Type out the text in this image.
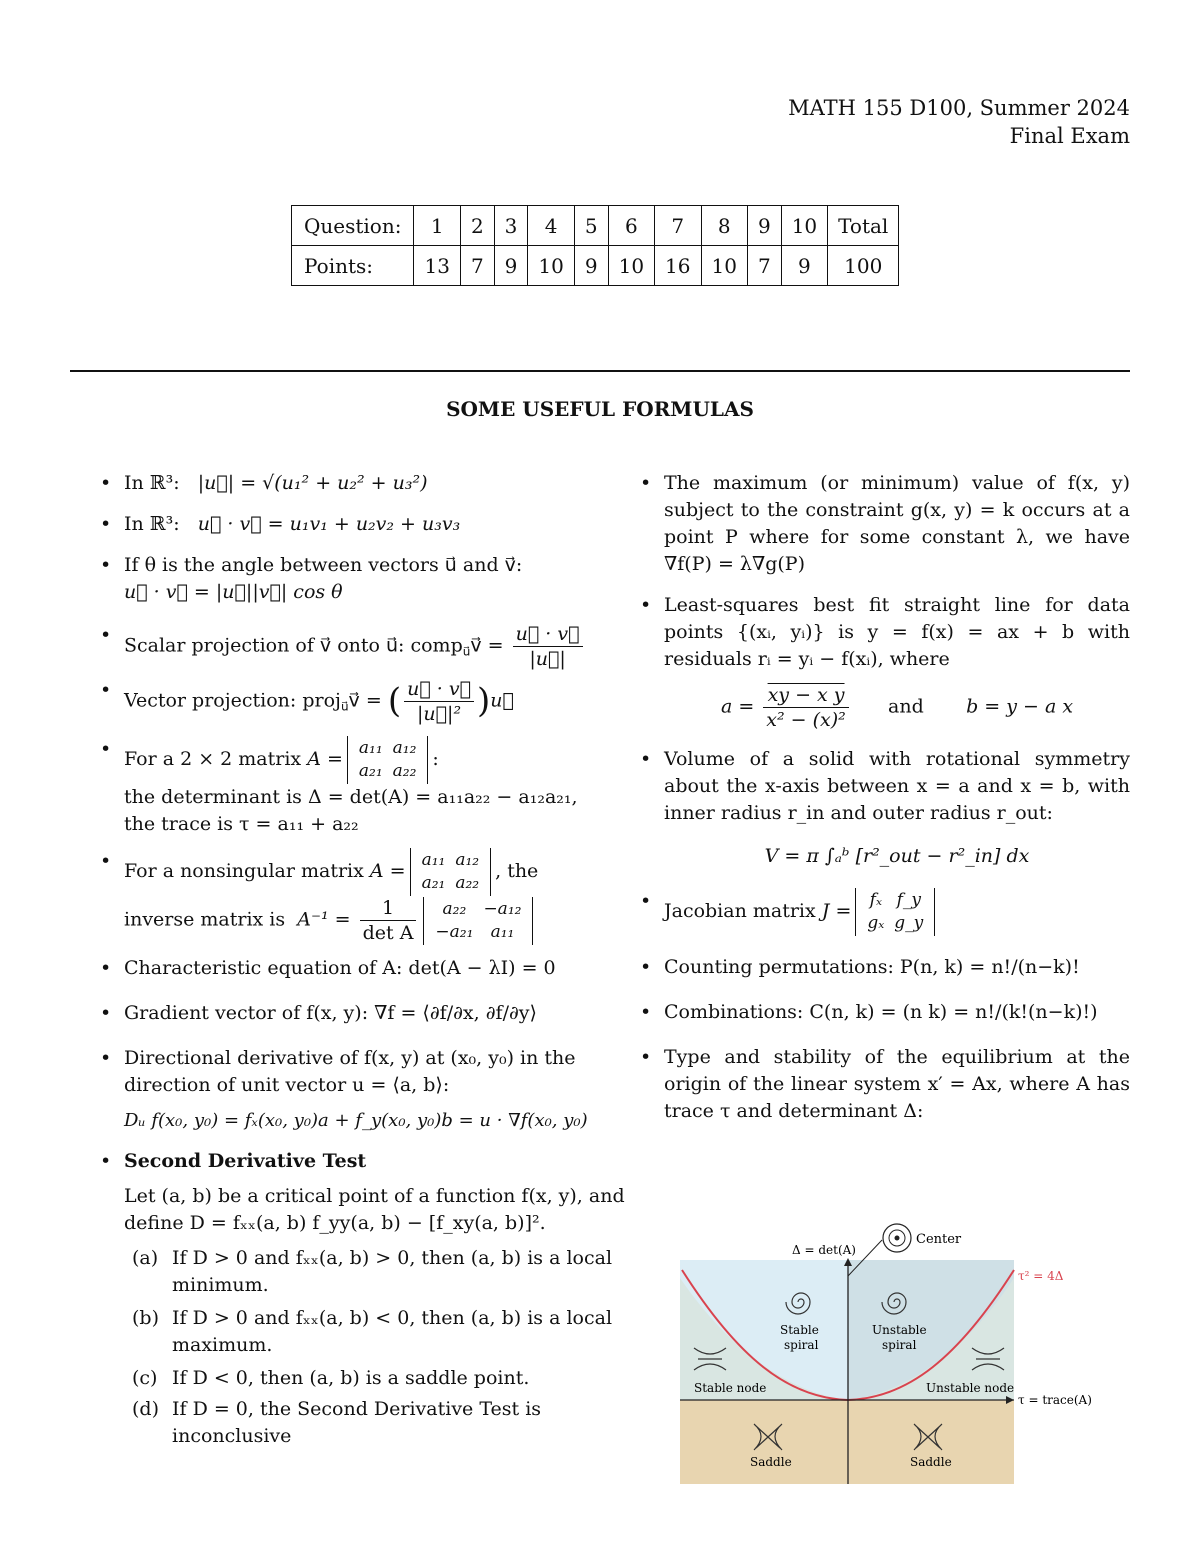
MATH 155 D100, Summer 2024
Final Exam
Question:	1	2	3	4	5	6	7	8	9	10	Total
Points:	13	7	9	10	9	10	16	10	7	9	100
SOME USEFUL FORMULAS
• In ℝ³: |u⃗| = √(u₁² + u₂² + u₃²)
• In ℝ³: u⃗ · v⃗ = u₁v₁ + u₂v₂ + u₃v₃
• If θ is the angle between vectors u⃗ and v⃗:
u⃗ · v⃗ = |u⃗||v⃗| cos θ
• Scalar projection of v⃗ onto u⃗: comp$_{u⃗}$v⃗ = $\frac{u⃗ \cdot v⃗}{|u⃗|}$
• Vector projection: proj$_{u⃗}$v⃗ = ( $\frac{u⃗ \cdot v⃗}{\text{|u⃗|²}}$ )u⃗
• For a 2 × 2 matrix A = a₁₁	a₁₂
a₂₁	a₂₂
:
the determinant is Δ = det(A) = a₁₁a₂₂ − a₁₂a₂₁,
the trace is τ = a₁₁ + a₂₂
• For a nonsingular matrix A = a₁₁	a₁₂
a₂₁	a₂₂
, the
inverse matrix is $A^{-1} = \frac{1}{\text{det A}} a_{22}$	−a₁₂
−a₂₁	a₁₁
• Characteristic equation of A: det(A − λI) = 0
• Gradient vector of f(x, y): ∇f = ⟨∂f/∂x, ∂f/∂y⟩
• Directional derivative of f(x, y) at (x₀, y₀) in the direction of unit vector u = ⟨a, b⟩:
Dᵤ f(x₀, y₀) = fₓ(x₀, y₀)a + f_y(x₀, y₀)b = u · ∇f(x₀, y₀)
• Second Derivative Test
Let (a, b) be a critical point of a function f(x, y), and define D = fₓₓ(a, b) f_yy(a, b) − [f_xy(a, b)]².
(a) If D > 0 and fₓₓ(a, b) > 0, then (a, b) is a local minimum.
(b) If D > 0 and fₓₓ(a, b) < 0, then (a, b) is a local maximum.
(c) If D < 0, then (a, b) is a saddle point.
(d) If D = 0, the Second Derivative Test is inconclusive
• The maximum (or minimum) value of f(x, y) subject to the constraint g(x, y) = k occurs at a point P where for some constant λ, we have ∇f(P) = λ∇g(P)
• Least-squares best fit straight line for data points {(xᵢ, yᵢ)} is y = f(x) = ax + b with residuals rᵢ = yᵢ − f(xᵢ), where
$a = \frac{\text{xy − x y}}{\text{x² − (x)²}}$ and b = y − a x
• Volume of a solid with rotational symmetry about the x-axis between x = a and x = b, with inner radius r_in and outer radius r_out:
V = π ∫ₐᵇ [r²_out − r²_in] dx
• Jacobian matrix J = fₓ	f_y
gₓ	g_y
• Counting permutations: P(n, k) = n!/(n−k)!
• Combinations: C(n, k) = (n k) = n!/(k!(n−k)!)
• Type and stability of the equilibrium at the origin of the linear system x′ = Ax, where A has trace τ and determinant Δ:
Center
Δ = det(A)
τ² = 4Δ
τ = trace(A)
Stable
spiral
Unstable
spiral
Stable node	Unstable node
Saddle	Saddle
